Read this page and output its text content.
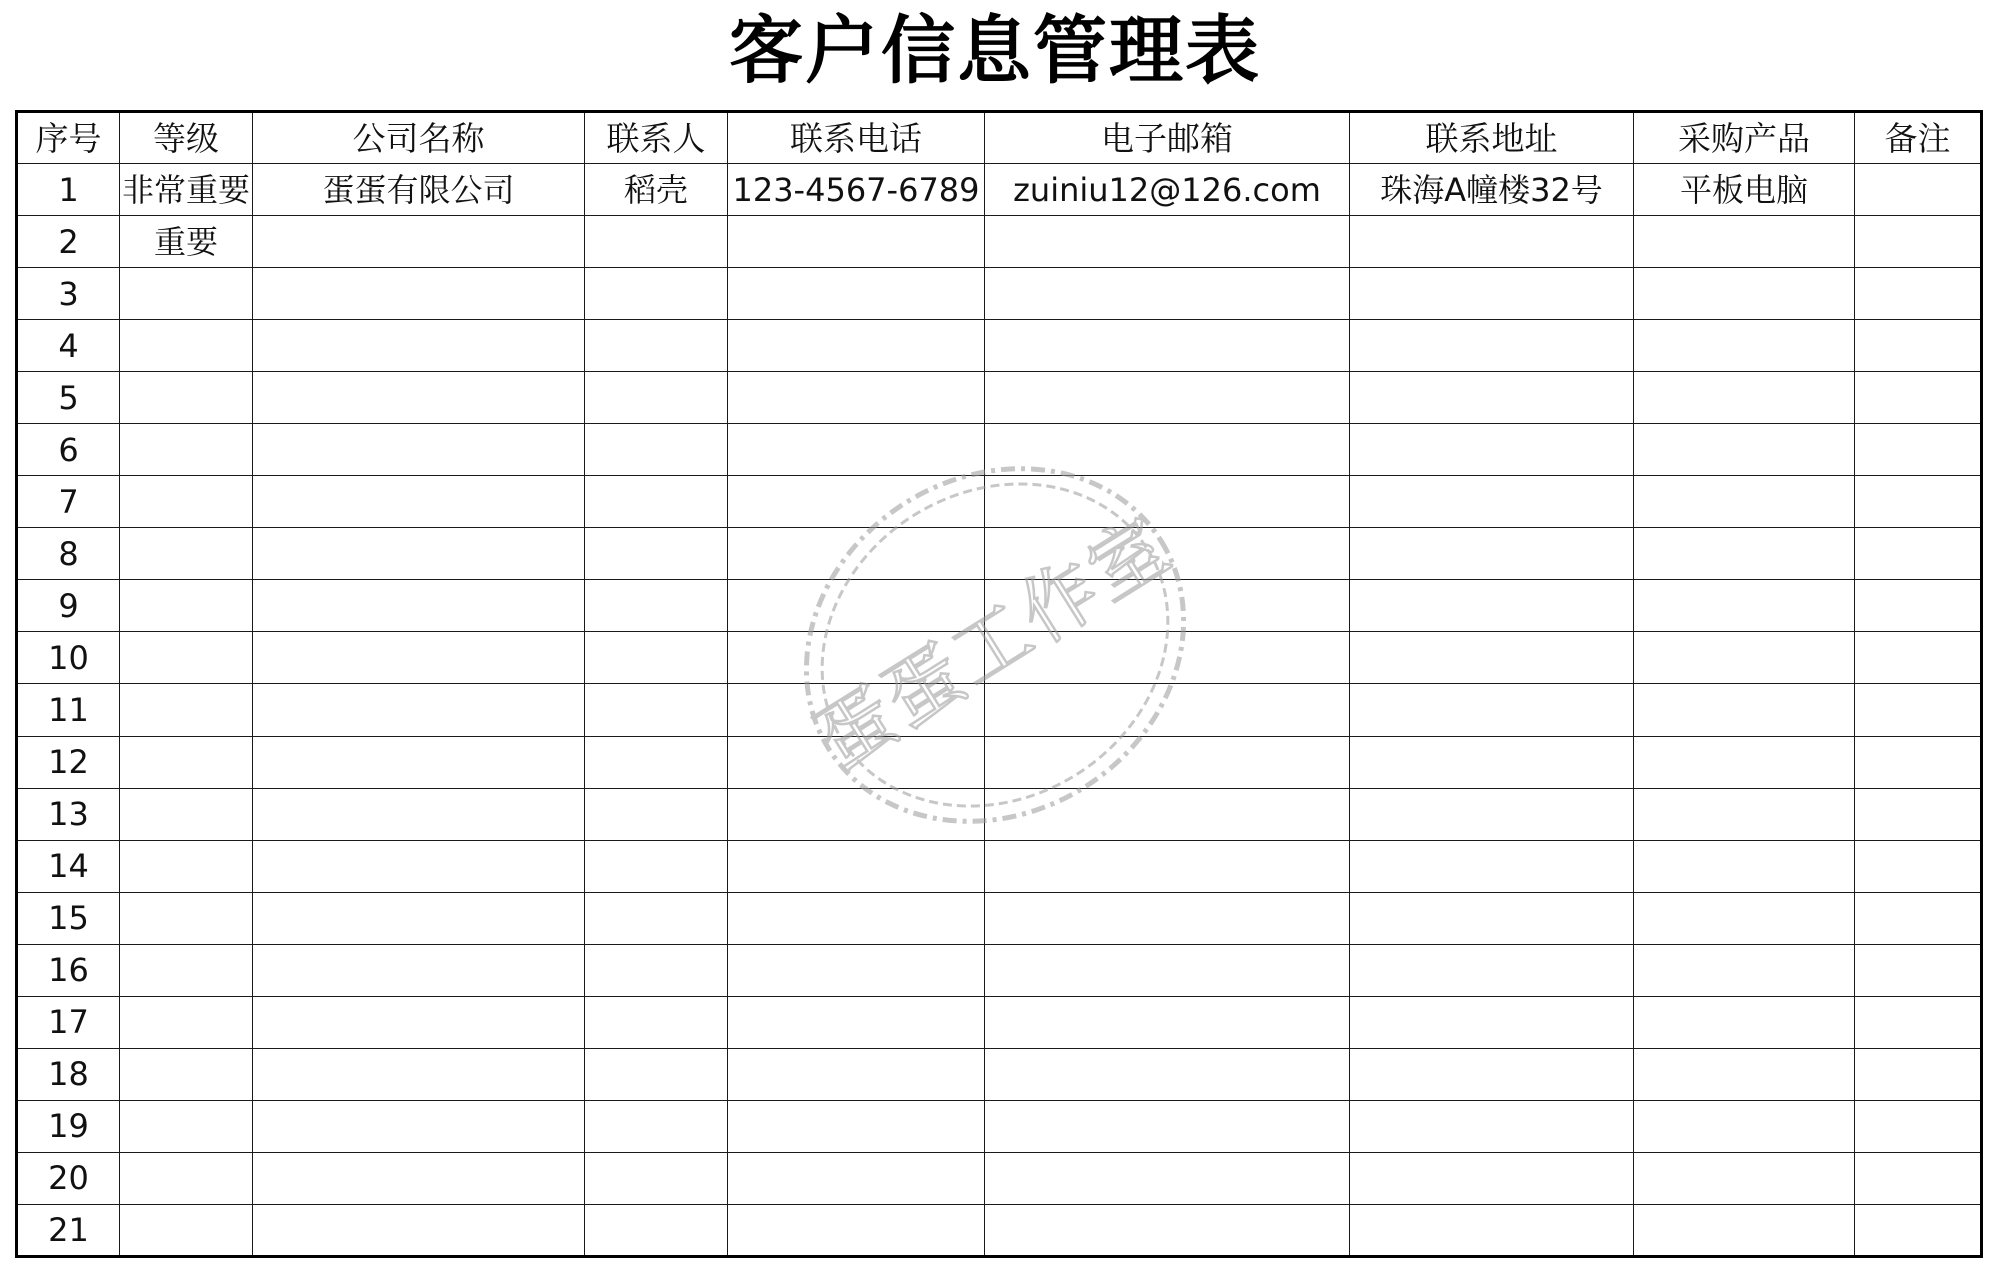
客户信息管理表
序号	等级	公司名称	联系人	联系电话	电子邮箱	联系地址	采购产品	备注
1	非常重要	蛋蛋有限公司	稻壳	123-4567-6789	zuiniu12@126.com	珠海A幢楼32号	平板电脑	
2	重要							
3								
4								
5								
6								
7								
8								
9								
10								
11								
12								
13								
14								
15								
16								
17								
18								
19								
20								
21								
蛋蛋工作室
